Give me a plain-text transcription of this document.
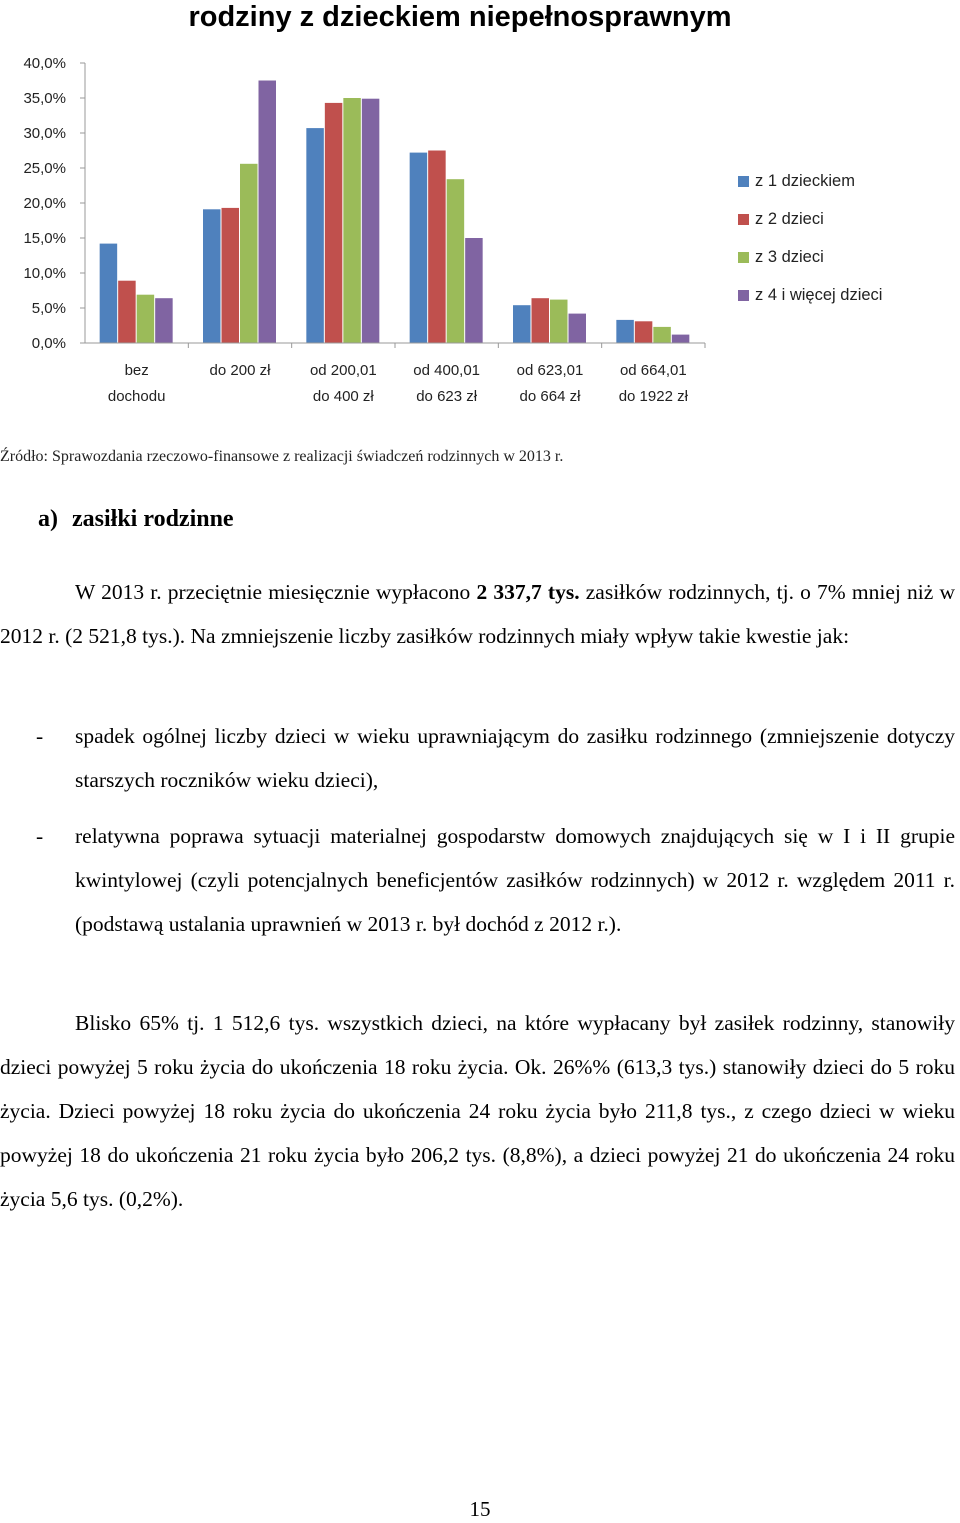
rodziny z dzieckiem niepełnosprawnym
0,0%
5,0%
10,0%
15,0%
20,0%
25,0%
30,0%
35,0%
40,0%
bez
dochodu
do 200 zł	od 200,01
do 400 zł
od 400,01
do 623 zł
od 623,01
do 664 zł
od 664,01
do 1922 zł
z 1 dzieckiem
z 2 dzieci
z 3 dzieci
z 4 i więcej dzieci
Źródło: Sprawozdania rzeczowo-finansowe z realizacji świadczeń rodzinnych w 2013 r.
a) zasiłki rodzinne

W 2013 r. przeciętnie miesięcznie wypłacono 2 337,7 tys. zasiłków rodzinnych, tj. o 7% mniej niż w 2012 r. (2 521,8 tys.). Na zmniejszenie liczby zasiłków rodzinnych miały wpływ takie kwestie jak:

- spadek ogólnej liczby dzieci w wieku uprawniającym do zasiłku rodzinnego (zmniejszenie dotyczy starszych roczników wieku dzieci),
- relatywna poprawa sytuacji materialnej gospodarstw domowych znajdujących się w I i II grupie kwintylowej (czyli potencjalnych beneficjentów zasiłków rodzinnych) w 2012 r. względem 2011 r. (podstawą ustalania uprawnień w 2013 r. był dochód z 2012 r.).

Blisko 65% tj. 1 512,6 tys. wszystkich dzieci, na które wypłacany był zasiłek rodzinny, stanowiły dzieci powyżej 5 roku życia do ukończenia 18 roku życia. Ok. 26%% (613,3 tys.) stanowiły dzieci do 5 roku życia. Dzieci powyżej 18 roku życia do ukończenia 24 roku życia było 211,8 tys., z czego dzieci w wieku powyżej 18 do ukończenia 21 roku życia było 206,2 tys. (8,8%), a dzieci powyżej 21 do ukończenia 24 roku życia 5,6 tys. (0,2%).

15
